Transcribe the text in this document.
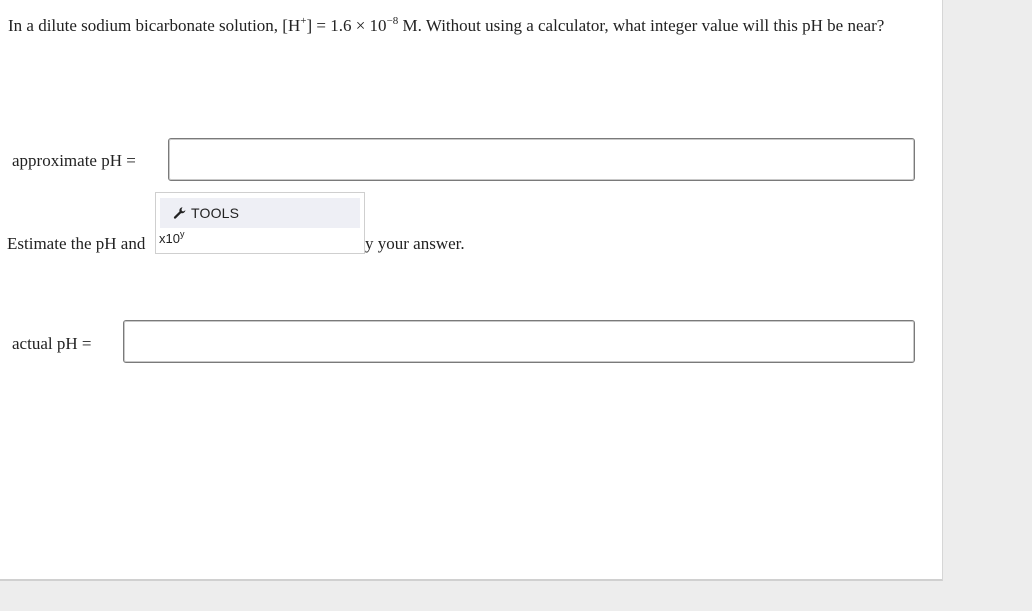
In a dilute sodium bicarbonate solution, $[H^+] = 1.6 \times 10^{-8}$ M. Without using a calculator, what integer value will this pH be near?
approximate pH =
Estimate the pH and	y your answer.
TOOLS
x10$^y$
actual pH =
